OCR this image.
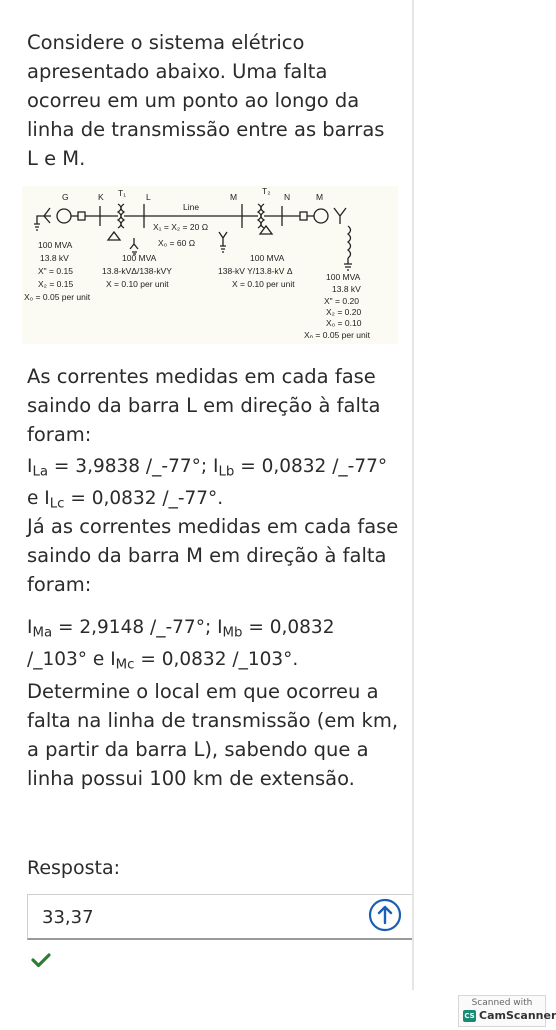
Considere o sistema elétrico apresentado abaixo. Uma falta ocorreu em um ponto ao longo da linha de transmissão entre as barras L e M.
G	K T₁ L
Line
X₁ = X₂ = 20 Ω
X₀ = 60 Ω
M
T₂
N	M
100 MVA
13.8 kV
X" = 0.15
X₂ = 0.15
X₀ = 0.05 per unit
100 MVA
13.8-kVΔ/138-kVY
X = 0.10 per unit
100 MVA
138-kV Y/13.8-kV Δ
X = 0.10 per unit
100 MVA
13.8 kV
X" = 0.20
X₂ = 0.20
X₀ = 0.10
Xₙ = 0.05 per unit
As correntes medidas em cada fase saindo da barra L em direção à falta foram:
$I_{La} = 3,9838$ /_-77°; $I_{Lb} = 0,0832$ /_-77° e $I_{Lc} = 0,0832$ /_-77°.
Já as correntes medidas em cada fase saindo da barra M em direção à falta foram:
$I_{Ma} = 2,9148$ /_-77°; $I_{Mb} = 0,0832$ /_103° e $I_{Mc} = 0,0832$ /_103°.
Determine o local em que ocorreu a falta na linha de transmissão (em km, a partir da barra L), sabendo que a linha possui 100 km de extensão.
Resposta:
33,37
Scanned with
CS CamScanner
